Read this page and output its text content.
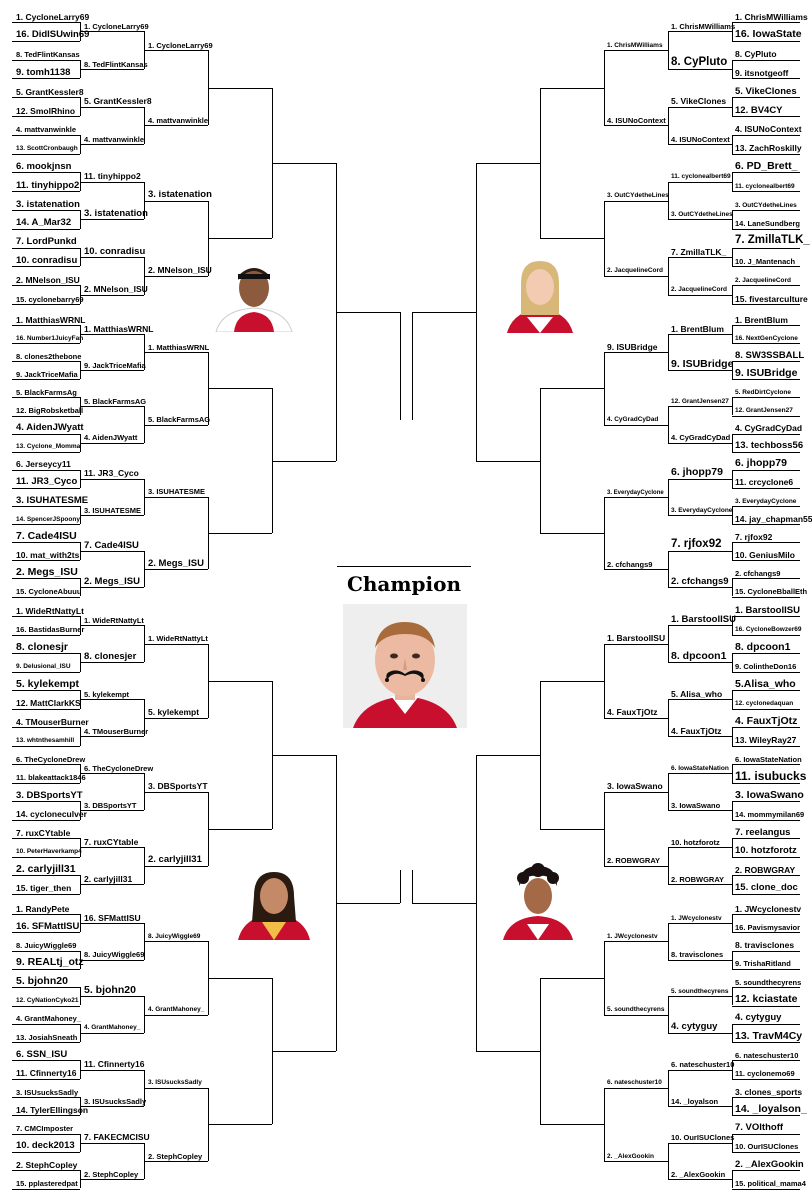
Champion
1. CycloneLarry69
16. DidISUwin69
8. TedFlintKansas
9. tomh1138
5. GrantKessler8
12. SmolRhino
4. mattvanwinkle
13. ScottCronbaugh
6. mookjnsn
11. tinyhippo2
3. istatenation
14. A_Mar32
7. LordPunkd
10. conradisu
2. MNelson_ISU
15. cyclonebarry69
1. CycloneLarry69
8. TedFlintKansas
5. GrantKessler8
4. mattvanwinkle
11. tinyhippo2
3. istatenation
10. conradisu
2. MNelson_ISU
1. CycloneLarry69
4. mattvanwinkle
3. istatenation
2. MNelson_ISU
1. MatthiasWRNL
16. Number1JuicyFan
8. clones2thebone
9. JackTriceMafia
5. BlackFarmsAg
12. BigRobsketball
4. AidenJWyatt
13. Cyclone_Momma
6. Jerseycy11
11. JR3_Cyco
3. ISUHATESME
14. SpencerJSpoony
7. Cade4ISU
10. mat_with2ts
2. Megs_ISU
15. CycloneAbuuu
1. MatthiasWRNL
9. JackTriceMafia
5. BlackFarmsAG
4. AidenJWyatt
11. JR3_Cyco
3. ISUHATESME
7. Cade4ISU
2. Megs_ISU
1. MatthiasWRNL
5. BlackFarmsAG
3. ISUHATESME
2. Megs_ISU
1. WideRtNattyLt
16. BastidasBurner
8. clonesjr
9. Delusional_ISU
5. kylekempt
12. MattClarkKS
4. TMouserBurner
13. whtnthesamhill
6. TheCycloneDrew
11. blakeattack1846
3. DBSportsYT
14. cycloneculver
7. ruxCYtable
10. PeterHaverkamp4
2. carlyjill31
15. tiger_then
1. WideRtNattyLt
8. clonesjer
5. kylekempt
4. TMouserBurner
6. TheCycloneDrew
3. DBSportsYT
7. ruxCYtable
2. carlyjill31
1. WideRtNattyLt
5. kylekempt
3. DBSportsYT
2. carlyjill31
1. RandyPete
16. SFMattISU
8. JuicyWiggle69
9. REALtj_otz
5. bjohn20
12. CyNationCyko21
4. GrantMahoney_
13. JosiahSneath
6. SSN_ISU
11. Cfinnerty16
3. ISUsucksSadly
14. TylerEllingson
7. CMCImposter
10. deck2013
2. StephCopley
15. pplasteredpat
16. SFMattISU
8. JuicyWiggle69
5. bjohn20
4. GrantMahoney_
11. Cfinnerty16
3. ISUsucksSadly
7. FAKECMCISU
2. StephCopley
8. JuicyWiggle69
4. GrantMahoney_
3. ISUsucksSadly
2. StephCopley
1. ChrisMWilliams
16. IowaState
8. CyPluto
9. itsnotgeoff
5. VikeClones
12. BV4CY
4. ISUNoContext
13. ZachRoskilly
6. PD_Brett_
11. cyclonealbert69
3. OutCYdetheLines
14. LaneSundberg
7. ZmillaTLK_
10. J_Mantenach
2. JacquelineCord
15. fivestarculture
1. ChrisMWilliams
8. CyPluto
5. VikeClones
4. ISUNoContext
11. cyclonealbert69
3. OutCYdetheLines
7. ZmillaTLK_
2. JacquelineCord
1. ChrisMWilliams
4. ISUNoContext
3. OutCYdetheLines
2. JacquelineCord
1. BrentBlum
16. NextGenCyclone
8. SW3SSBALL
9. ISUBridge
5. RedDirtCyclone
12. GrantJensen27
4. CyGradCyDad
13. techboss56
6. jhopp79
11. crcyclone6
3. EverydayCyclone
14. jay_chapman55
7. rjfox92
10. GeniusMilo
2. cfchangs9
15. CycloneBballEth
1. BrentBlum
9. ISUBridge
12. GrantJensen27
4. CyGradCyDad
6. jhopp79
3. EverydayCyclone
7. rjfox92
2. cfchangs9
9. ISUBridge
4. CyGradCyDad
3. EverydayCyclone
2. cfchangs9
1. BarstoolISU
16. CycloneBowzer69
8. dpcoon1
9. ColintheDon16
5.Alisa_who
12. cyclonedaquan
4. FauxTjOtz
13. WileyRay27
6. IowaStateNation
11. isubucks
3. IowaSwano
14. mommymilan69
7. reelangus
10. hotzforotz
2. ROBWGRAY
15. clone_doc
1. BarstoolISU
8. dpcoon1
5. Alisa_who
4. FauxTjOtz
6. IowaStateNation
3. IowaSwano
10. hotzforotz
2. ROBWGRAY
1. BarstoolISU
4. FauxTjOtz
3. IowaSwano
2. ROBWGRAY
1. JWcyclonestv
16. Pavismysavior
8. travisclones
9. TrishaRitland
5. soundthecyrens
12. kciastate
4. cytyguy
13. TravM4Cy
6. nateschuster10
11. cyclonemo69
3. clones_sports
14. _loyalson_
7. VOlthoff
10. OurISUClones
2. _AlexGookin
15. political_mama4
1. JWcyclonestv
8. travisclones
5. soundthecyrens
4. cytyguy
6. nateschuster10
14. _loyalson
10. OurISUClones
2. _AlexGookin
1. JWcyclonestv
5. soundthecyrens
6. nateschuster10
2. _AlexGookin
